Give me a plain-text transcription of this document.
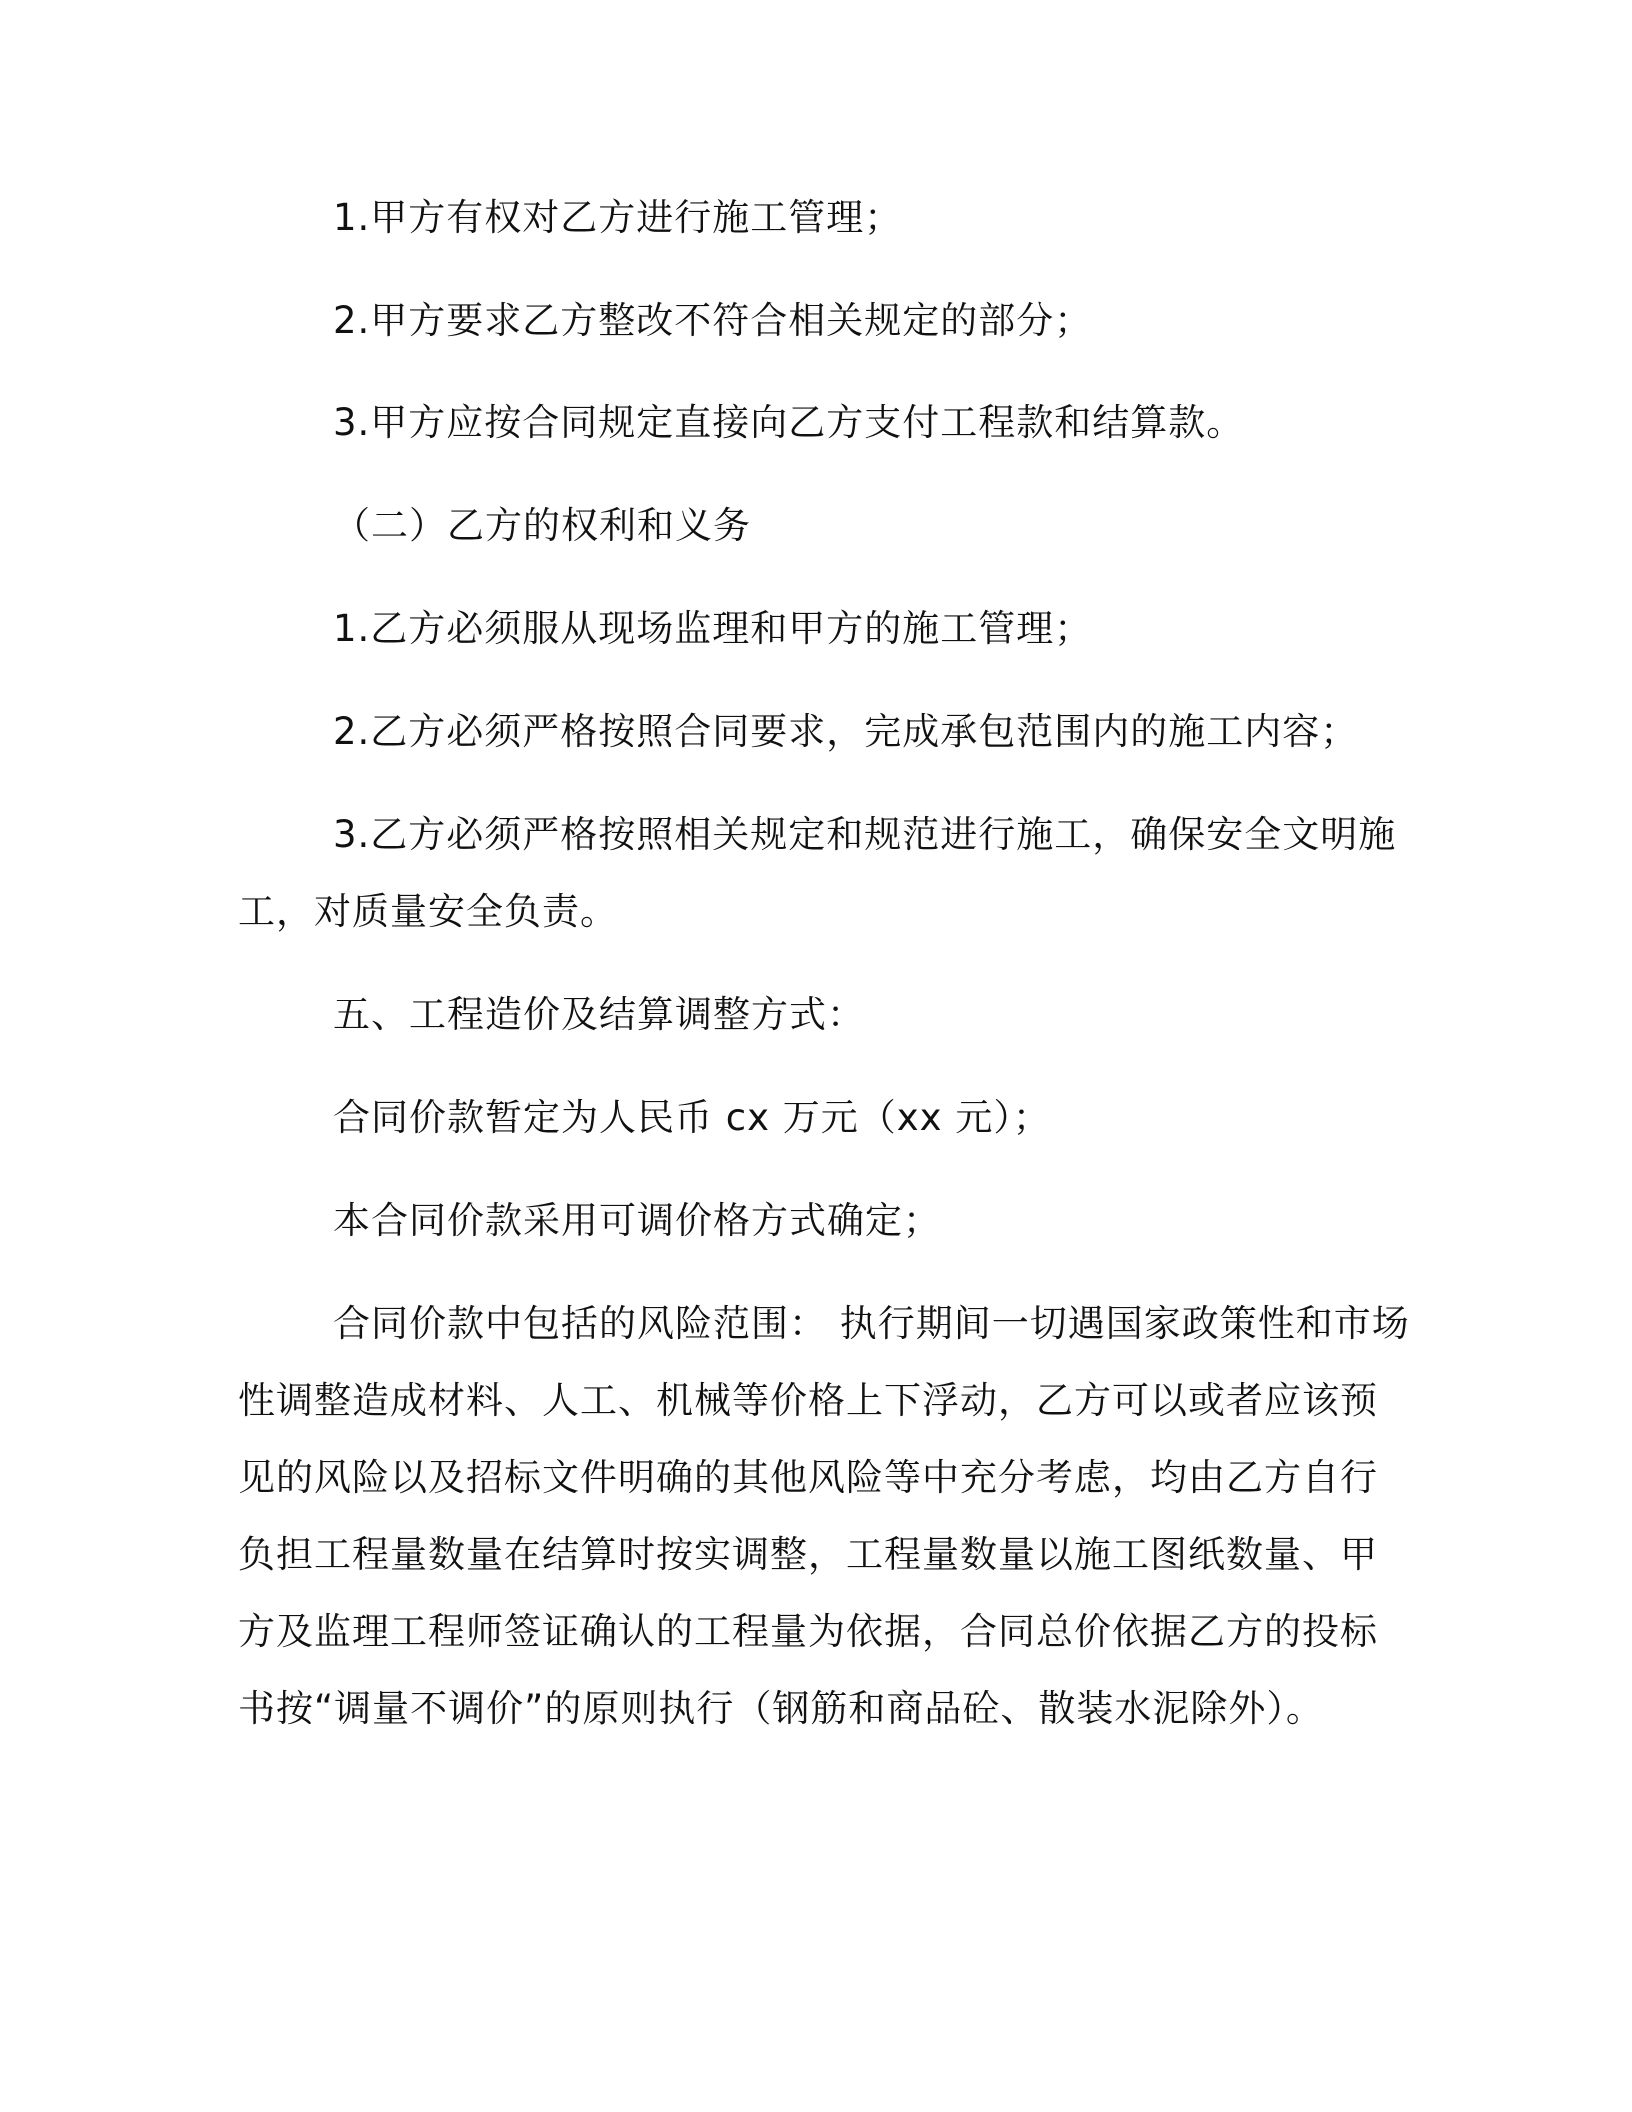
1.甲方有权对乙方进行施工管理；
2.甲方要求乙方整改不符合相关规定的部分；
3.甲方应按合同规定直接向乙方支付工程款和结算款。
（二）乙方的权利和义务
1.乙方必须服从现场监理和甲方的施工管理；
2.乙方必须严格按照合同要求，完成承包范围内的施工内容；
3.乙方必须严格按照相关规定和规范进行施工，确保安全文明施
工，对质量安全负责。
五、工程造价及结算调整方式：
合同价款暂定为人民币 cx 万元（xx 元）；
本合同价款采用可调价格方式确定；
合同价款中包括的风险范围： 执行期间一切遇国家政策性和市场
性调整造成材料、人工、机械等价格上下浮动，乙方可以或者应该预
见的风险以及招标文件明确的其他风险等中充分考虑，均由乙方自行
负担工程量数量在结算时按实调整，工程量数量以施工图纸数量、甲
方及监理工程师签证确认的工程量为依据，合同总价依据乙方的投标
书按“调量不调价”的原则执行（钢筋和商品砼、散装水泥除外）。
